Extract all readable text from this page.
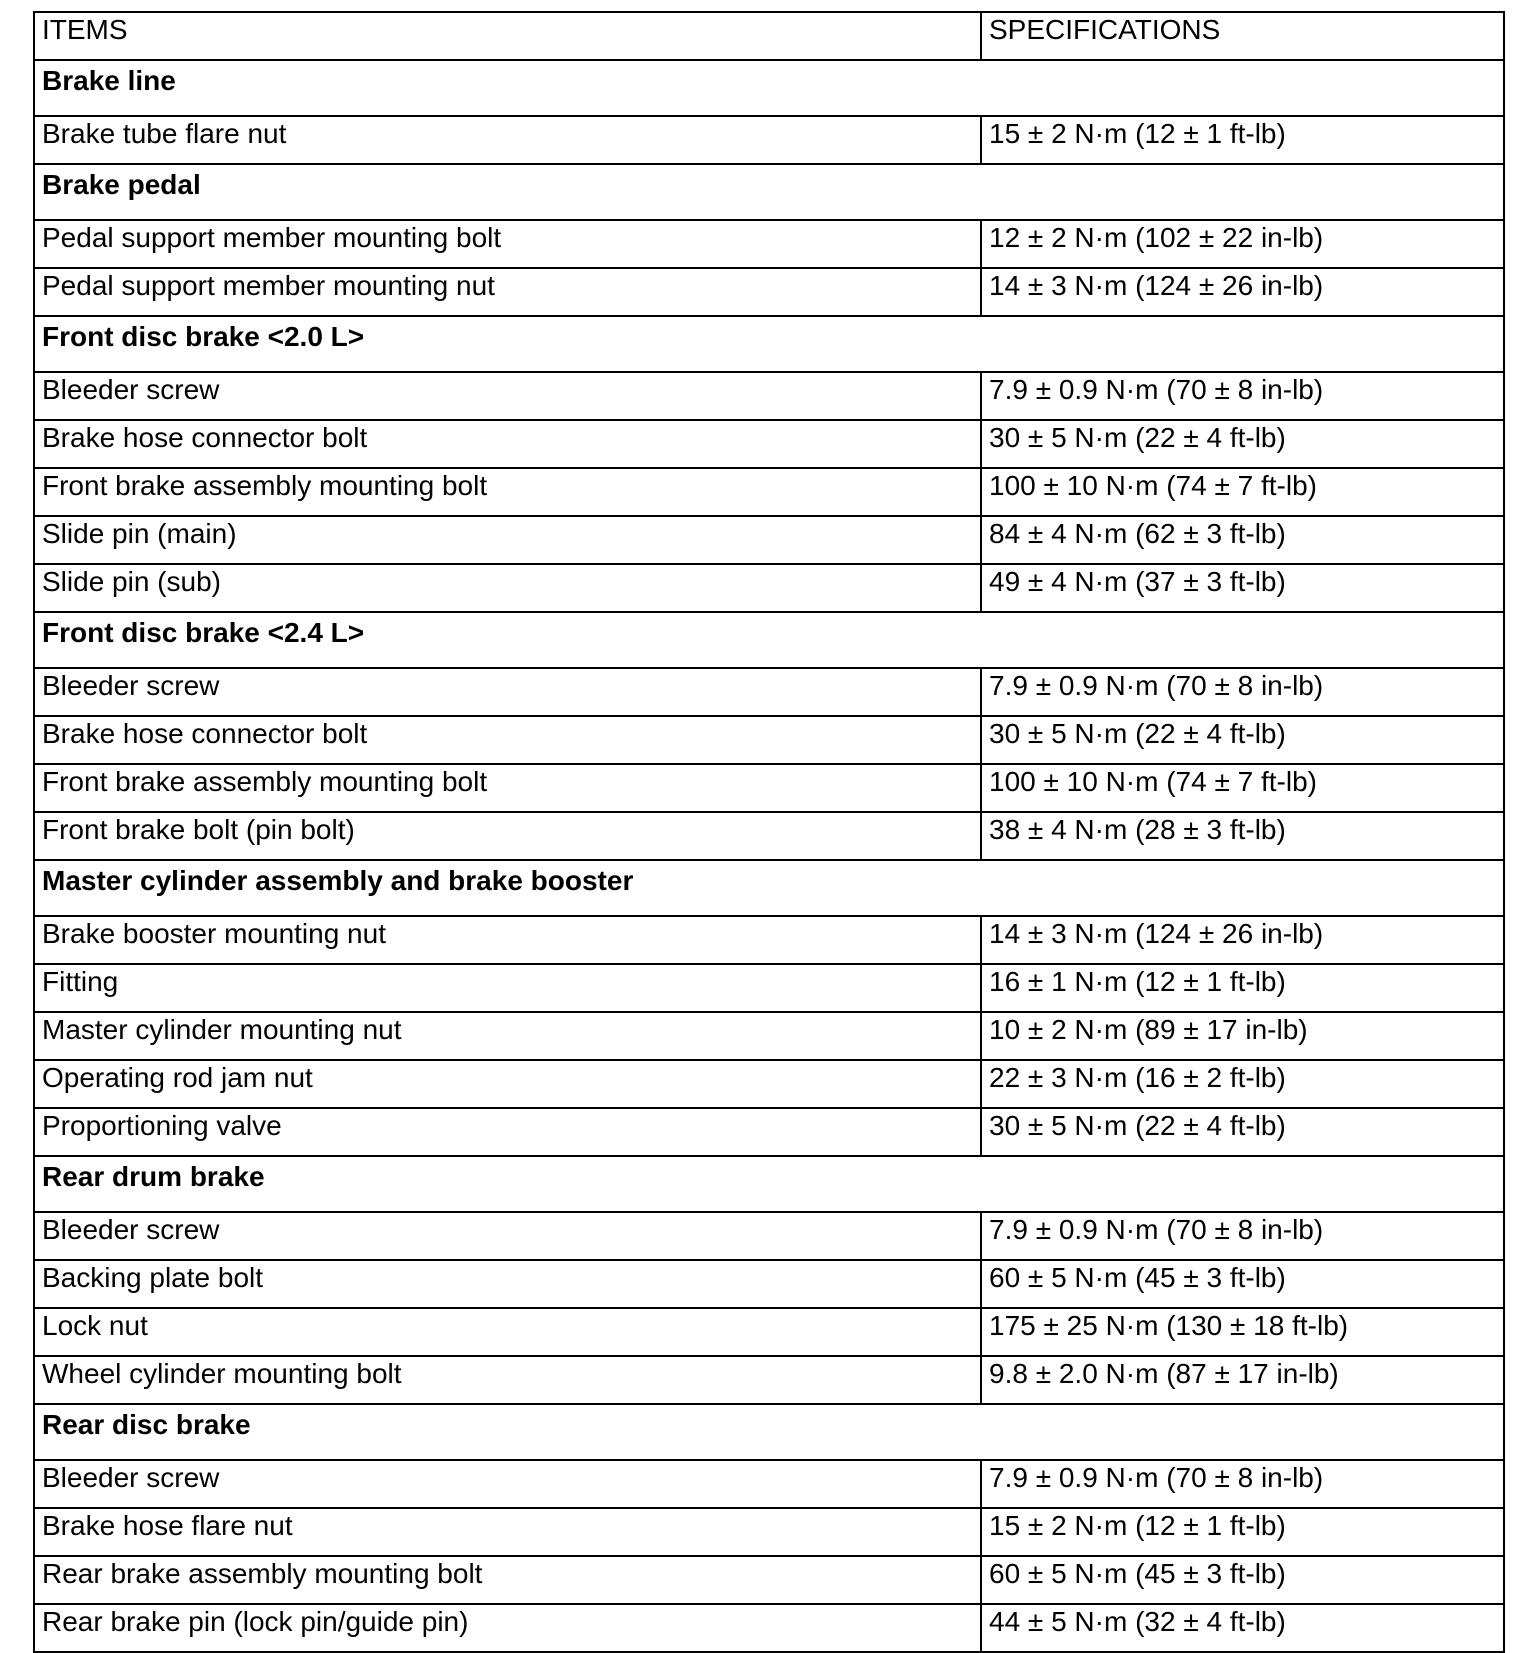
ITEMS	SPECIFICATIONS
Brake line	
Brake tube flare nut	15 ± 2 N·m (12 ± 1 ft-lb)
Brake pedal	
Pedal support member mounting bolt	12 ± 2 N·m (102 ± 22 in-lb)
Pedal support member mounting nut	14 ± 3 N·m (124 ± 26 in-lb)
Front disc brake <2.0 L>	
Bleeder screw	7.9 ± 0.9 N·m (70 ± 8 in-lb)
Brake hose connector bolt	30 ± 5 N·m (22 ± 4 ft-lb)
Front brake assembly mounting bolt	100 ± 10 N·m (74 ± 7 ft-lb)
Slide pin (main)	84 ± 4 N·m (62 ± 3 ft-lb)
Slide pin (sub)	49 ± 4 N·m (37 ± 3 ft-lb)
Front disc brake <2.4 L>	
Bleeder screw	7.9 ± 0.9 N·m (70 ± 8 in-lb)
Brake hose connector bolt	30 ± 5 N·m (22 ± 4 ft-lb)
Front brake assembly mounting bolt	100 ± 10 N·m (74 ± 7 ft-lb)
Front brake bolt (pin bolt)	38 ± 4 N·m (28 ± 3 ft-lb)
Master cylinder assembly and brake booster	
Brake booster mounting nut	14 ± 3 N·m (124 ± 26 in-lb)
Fitting	16 ± 1 N·m (12 ± 1 ft-lb)
Master cylinder mounting nut	10 ± 2 N·m (89 ± 17 in-lb)
Operating rod jam nut	22 ± 3 N·m (16 ± 2 ft-lb)
Proportioning valve	30 ± 5 N·m (22 ± 4 ft-lb)
Rear drum brake	
Bleeder screw	7.9 ± 0.9 N·m (70 ± 8 in-lb)
Backing plate bolt	60 ± 5 N·m (45 ± 3 ft-lb)
Lock nut	175 ± 25 N·m (130 ± 18 ft-lb)
Wheel cylinder mounting bolt	9.8 ± 2.0 N·m (87 ± 17 in-lb)
Rear disc brake	
Bleeder screw	7.9 ± 0.9 N·m (70 ± 8 in-lb)
Brake hose flare nut	15 ± 2 N·m (12 ± 1 ft-lb)
Rear brake assembly mounting bolt	60 ± 5 N·m (45 ± 3 ft-lb)
Rear brake pin (lock pin/guide pin)	44 ± 5 N·m (32 ± 4 ft-lb)
